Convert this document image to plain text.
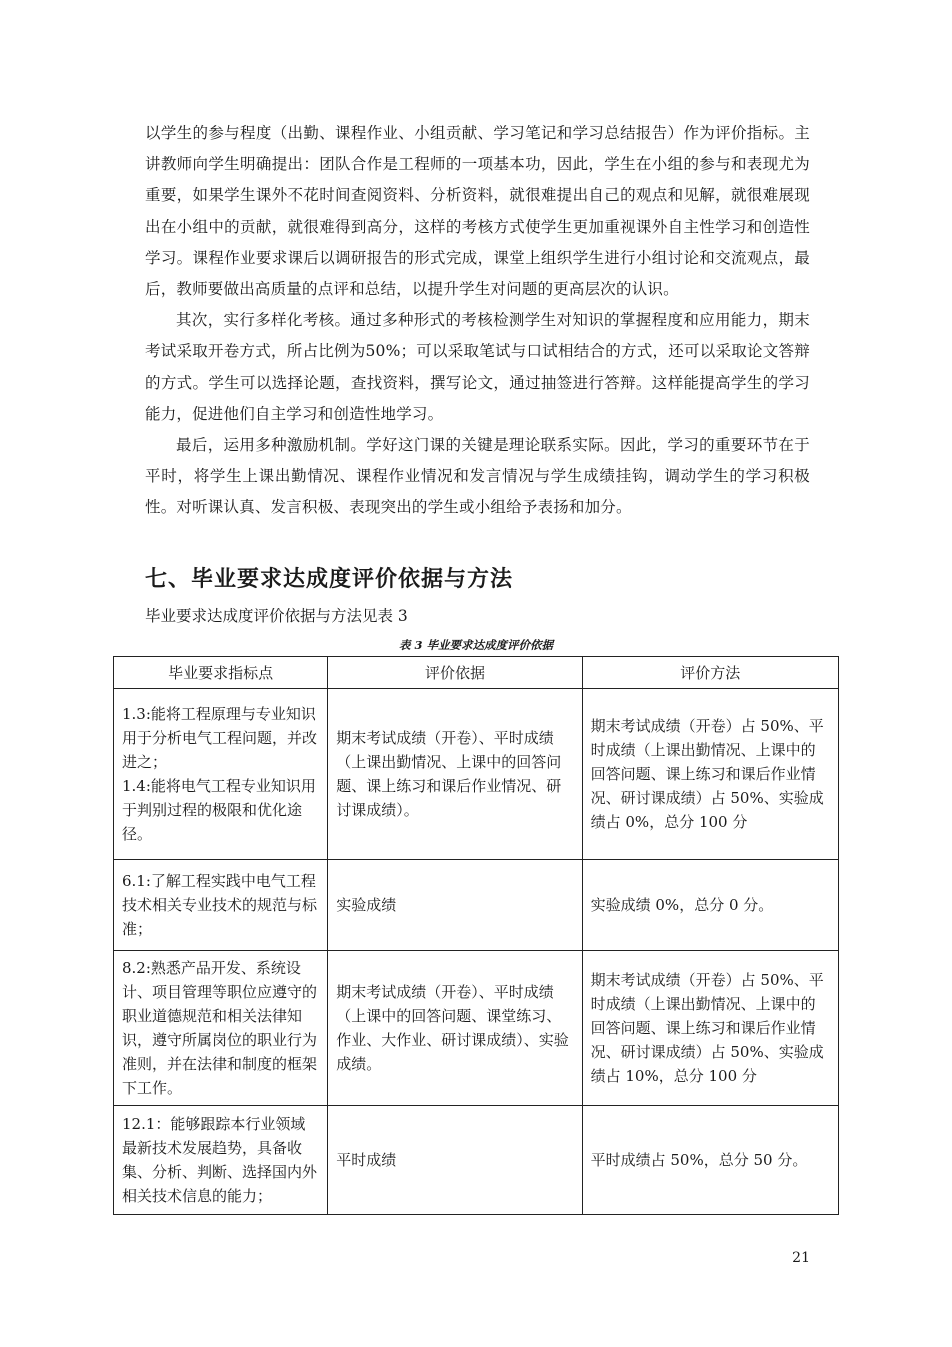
以学生的参与程度（出勤、课程作业、小组贡献、学习笔记和学习总结报告）作为评价指标。主讲教师向学生明确提出：团队合作是工程师的一项基本功，因此，学生在小组的参与和表现尤为重要，如果学生课外不花时间查阅资料、分析资料，就很难提出自己的观点和见解，就很难展现出在小组中的贡献，就很难得到高分，这样的考核方式使学生更加重视课外自主性学习和创造性学习。课程作业要求课后以调研报告的形式完成，课堂上组织学生进行小组讨论和交流观点，最后，教师要做出高质量的点评和总结，以提升学生对问题的更高层次的认识。

其次，实行多样化考核。通过多种形式的考核检测学生对知识的掌握程度和应用能力，期末考试采取开卷方式，所占比例为50%；可以采取笔试与口试相结合的方式，还可以采取论文答辩的方式。学生可以选择论题，查找资料，撰写论文，通过抽签进行答辩。这样能提高学生的学习能力，促进他们自主学习和创造性地学习。

最后，运用多种激励机制。学好这门课的关键是理论联系实际。因此，学习的重要环节在于平时，将学生上课出勤情况、课程作业情况和发言情况与学生成绩挂钩，调动学生的学习积极性。对听课认真、发言积极、表现突出的学生或小组给予表扬和加分。

七、毕业要求达成度评价依据与方法

毕业要求达成度评价依据与方法见表 3

表 3 毕业要求达成度评价依据

毕业要求指标点	评价依据	评价方法

1.3:能将工程原理与专业知识用于分析电气工程问题，并改进之；
1.4:能将电气工程专业知识用于判别过程的极限和优化途径。	期末考试成绩（开卷）、平时成绩（上课出勤情况、上课中的回答问题、课上练习和课后作业情况、研讨课成绩）。	期末考试成绩（开卷）占 50%、平时成绩（上课出勤情况、上课中的回答问题、课上练习和课后作业情况、研讨课成绩）占 50%、实验成绩占 0%，总分 100 分

6.1:了解工程实践中电气工程技术相关专业技术的规范与标准；	实验成绩	实验成绩 0%，总分 0 分。

8.2:熟悉产品开发、系统设计、项目管理等职位应遵守的职业道德规范和相关法律知识，遵守所属岗位的职业行为准则，并在法律和制度的框架下工作。	期末考试成绩（开卷）、平时成绩（上课中的回答问题、课堂练习、作业、大作业、研讨课成绩）、实验成绩。	期末考试成绩（开卷）占 50%、平时成绩（上课出勤情况、上课中的回答问题、课上练习和课后作业情况、研讨课成绩）占 50%、实验成绩占 10%，总分 100 分

12.1：能够跟踪本行业领域最新技术发展趋势，具备收集、分析、判断、选择国内外相关技术信息的能力；	平时成绩	平时成绩占 50%，总分 50 分。
21
